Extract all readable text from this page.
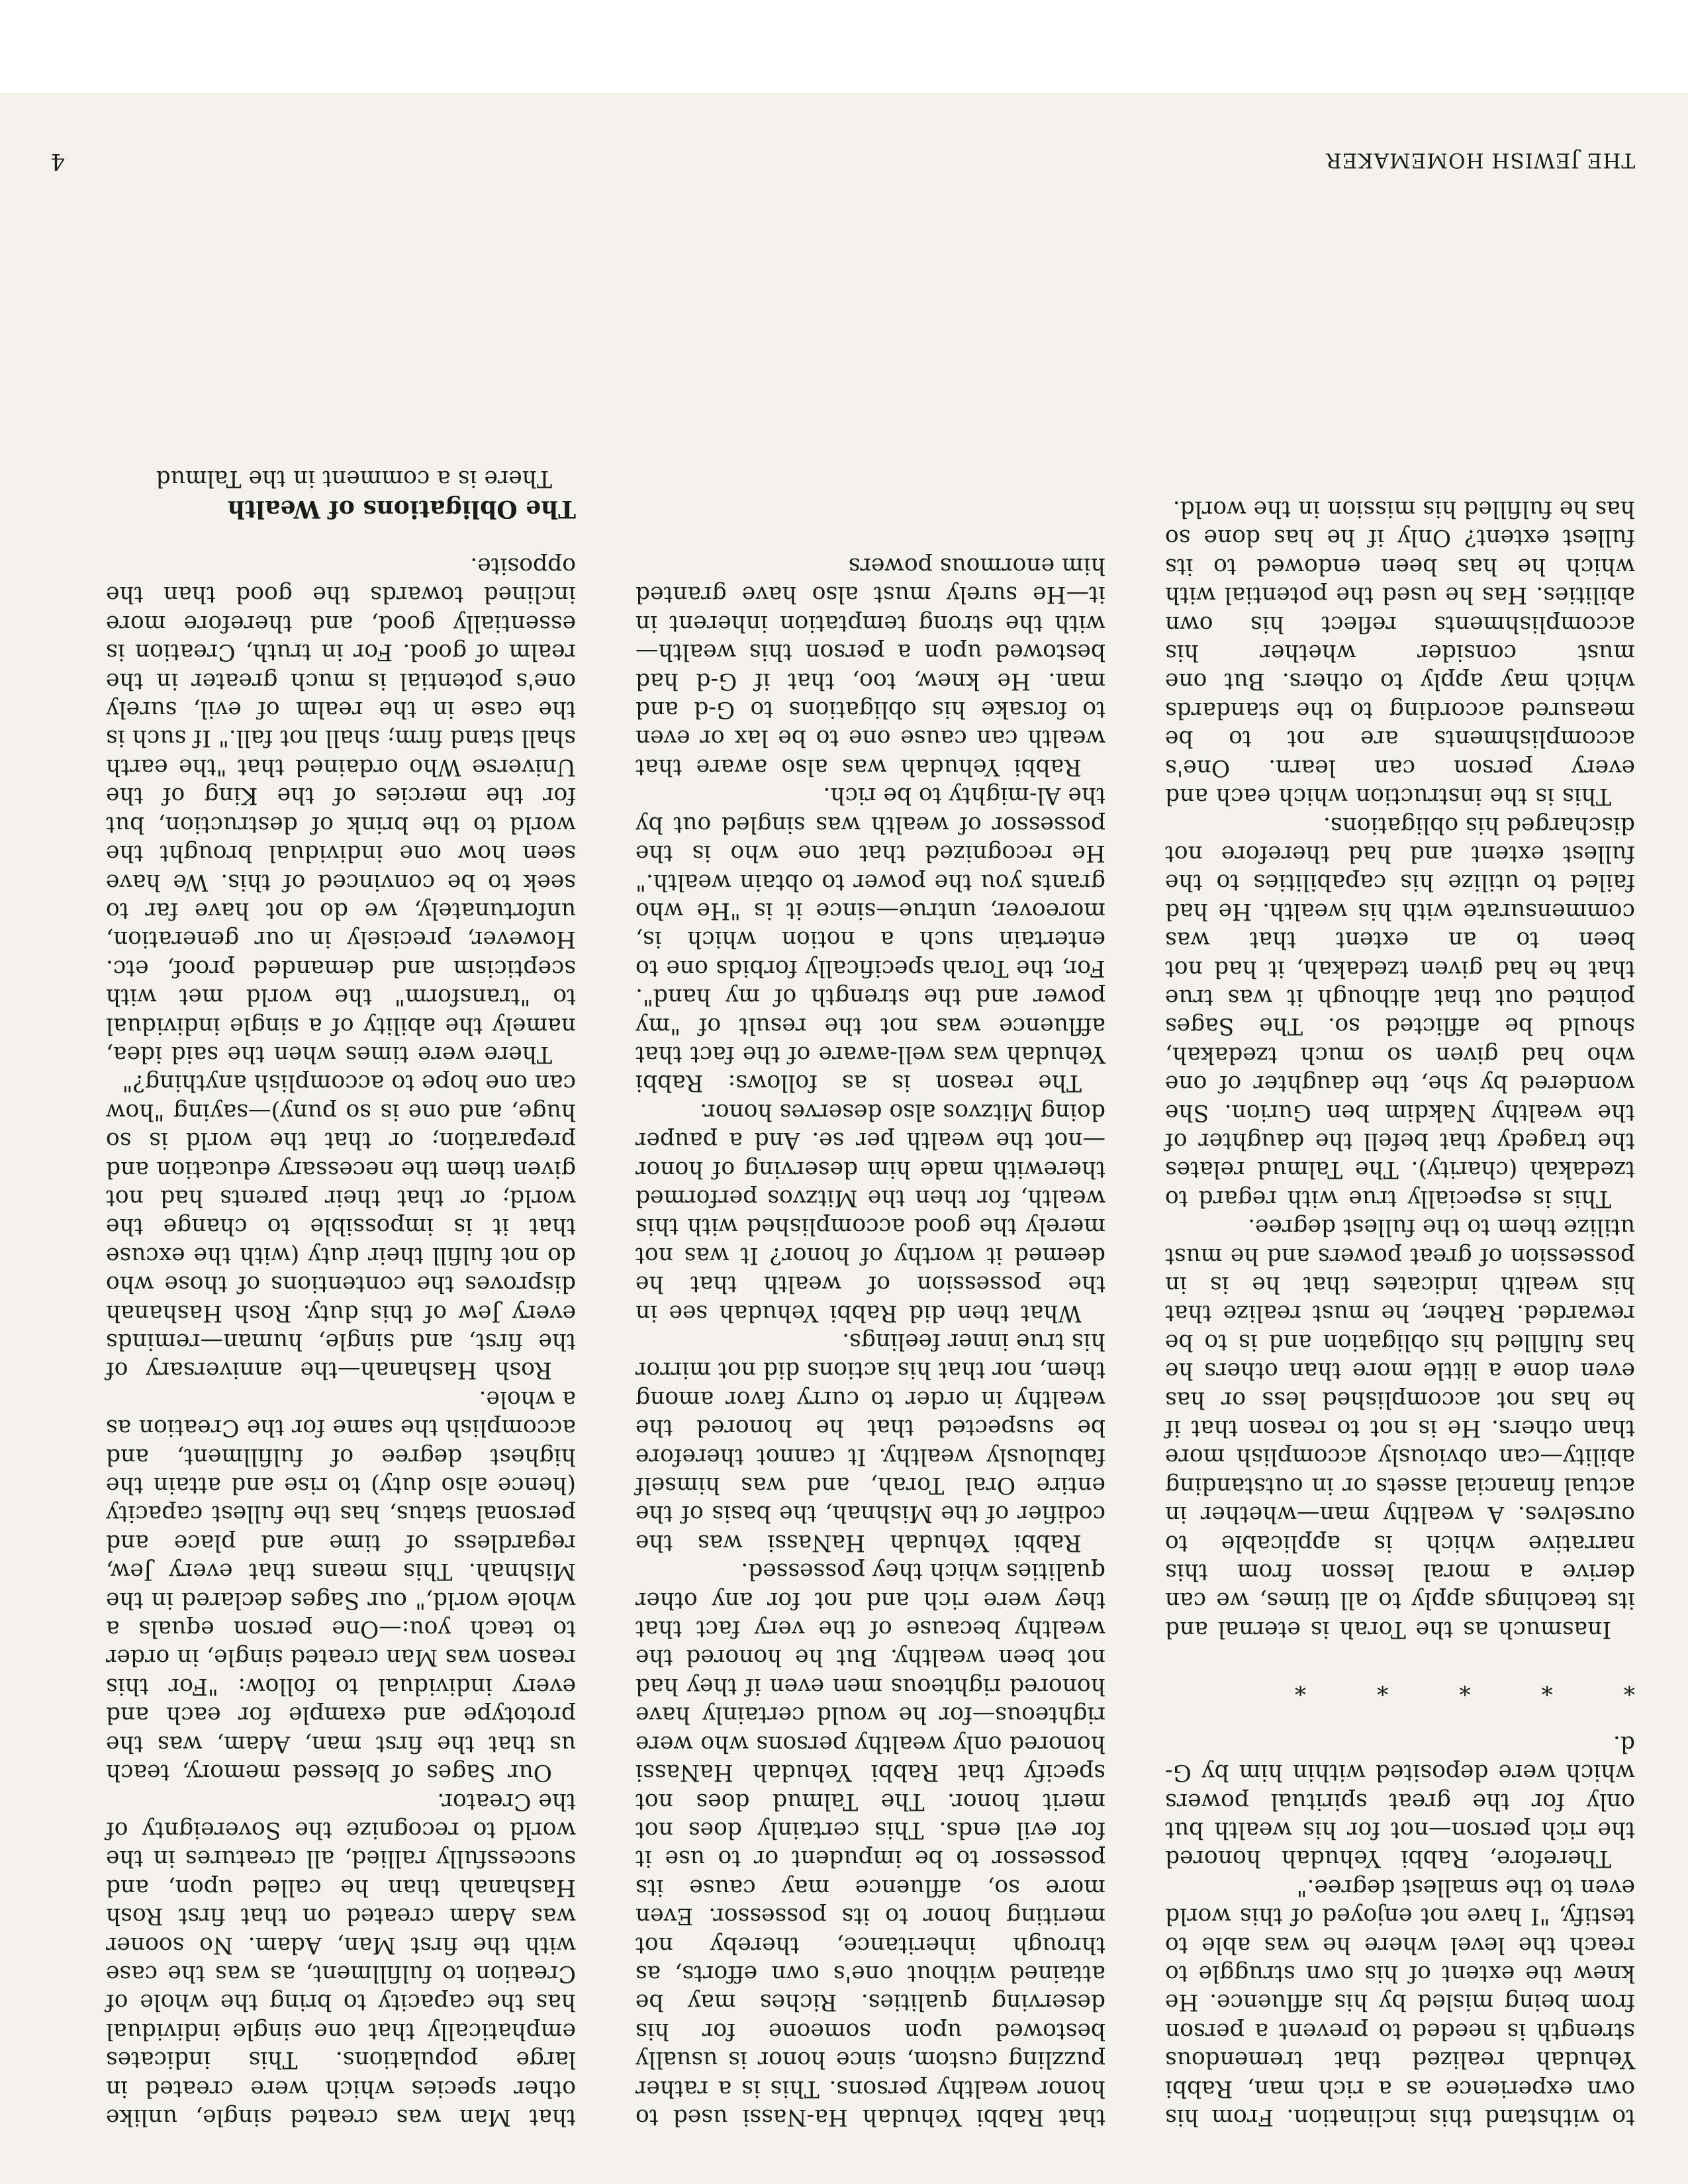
to withstand this inclination. From his own experience as a rich man, Rabbi Yehudah realized that tremendous strength is needed to prevent a person from being misled by his affluence. He knew the extent of his own struggle to reach the level where he was able to testify, "I have not enjoyed of this world even to the smallest degree."

Therefore, Rabbi Yehudah honored the rich person—not for his wealth but only for the great spiritual powers which were deposited within him by G-d.

* * * * *

Inasmuch as the Torah is eternal and its teachings apply to all times, we can derive a moral lesson from this narrative which is applicable to ourselves. A wealthy man—whether in actual financial assets or in outstanding ability—can obviously accomplish more than others. He is not to reason that if he has not accomplished less or has even done a little more than others he has fulfilled his obligation and is to be rewarded. Rather, he must realize that his wealth indicates that he is in possession of great powers and he must utilize them to the fullest degree.

This is especially true with regard to tzedakah (charity). The Talmud relates the tragedy that befell the daughter of the wealthy Nakdim ben Gurion. She wondered by she, the daughter of one who had given so much tzedakah, should be afflicted so. The Sages pointed out that although it was true that he had given tzedakah, it had not been to an extent that was commensurate with his wealth. He had failed to utilize his capabilities to the fullest extent and had therefore not discharged his obligations.

This is the instruction which each and every person can learn. One's accomplishments are not to be measured according to the standards which may apply to others. But one must consider whether his accomplishments reflect his own abilities. Has he used the potential with which he has been endowed to its fullest extent? Only if he has done so has he fulfilled his mission in the world.

that Rabbi Yehudah Ha-Nassi used to honor wealthy persons. This is a rather puzzling custom, since honor is usually bestowed upon someone for his deserving qualities. Riches may be attained without one's own efforts, as through inheritance, thereby not meriting honor to its possessor. Even more so, affluence may cause its possessor to be impudent or to use it for evil ends. This certainly does not merit honor. The Talmud does not specify that Rabbi Yehudah HaNassi honored only wealthy persons who were righteous—for he would certainly have honored righteous men even if they had not been wealthy. But he honored the wealthy because of the very fact that they were rich and not for any other qualities which they possessed.

Rabbi Yehudah HaNassi was the codifier of the Mishnah, the basis of the entire Oral Torah, and was himself fabulously wealthy. It cannot therefore be suspected that he honored the wealthy in order to curry favor among them, nor that his actions did not mirror his true inner feelings.

What then did Rabbi Yehudah see in the possession of wealth that he deemed it worthy of honor? It was not merely the good accomplished with this wealth, for then the Mitzvos performed therewith made him deserving of honor—not the wealth per se. And a pauper doing Mitzvos also deserves honor.

The reason is as follows: Rabbi Yehudah was well-aware of the fact that affluence was not the result of "my power and the strength of my hand". For, the Torah specifically forbids one to entertain such a notion which is, moreover, untrue—since it is "He who grants you the power to obtain wealth." He recognized that one who is the possessor of wealth was singled out by the Al-mighty to be rich.

Rabbi Yehudah was also aware that wealth can cause one to be lax or even to forsake his obligations to G-d and man. He knew, too, that if G-d had bestowed upon a person this wealth—with the strong temptation inherent in it—He surely must also have granted him enormous powers

that Man was created single, unlike other species which were created in large populations. This indicates emphatically that one single individual has the capacity to bring the whole of Creation to fulfillment, as was the case with the first Man, Adam. No sooner was Adam created on that first Rosh Hashanah than he called upon, and successfully rallied, all creatures in the world to recognize the Sovereignty of the Creator.

Our Sages of blessed memory, teach us that the first man, Adam, was the prototype and example for each and every individual to follow: "For this reason was Man created single, in order to teach you:—One person equals a whole world," our Sages declared in the Mishnah. This means that every Jew, regardless of time and place and personal status, has the fullest capacity (hence also duty) to rise and attain the highest degree of fulfillment, and accomplish the same for the Creation as a whole.

Rosh Hashanah—the anniversary of the first, and single, human—reminds every Jew of this duty. Rosh Hashanah disproves the contentions of those who do not fulfill their duty (with the excuse that it is impossible to change the world; or that their parents had not given them the necessary education and preparation; or that the world is so huge, and one is so puny)—saying "how can one hope to accomplish anything?"

There were times when the said idea, namely the ability of a single individual to "transform" the world met with scepticism and demanded proof, etc. However, precisely in our generation, unfortunately, we do not have far to seek to be convinced of this. We have seen how one individual brought the world to the brink of destruction, but for the mercies of the King of the Universe Who ordained that "the earth shall stand firm; shall not fall." If such is the case in the realm of evil, surely one's potential is much greater in the realm of good. For in truth, Creation is essentially good, and therefore more inclined towards the good than the opposite.

The Obligations of Wealth

There is a comment in the Talmud

THE JEWISH HOMEMAKER
4
